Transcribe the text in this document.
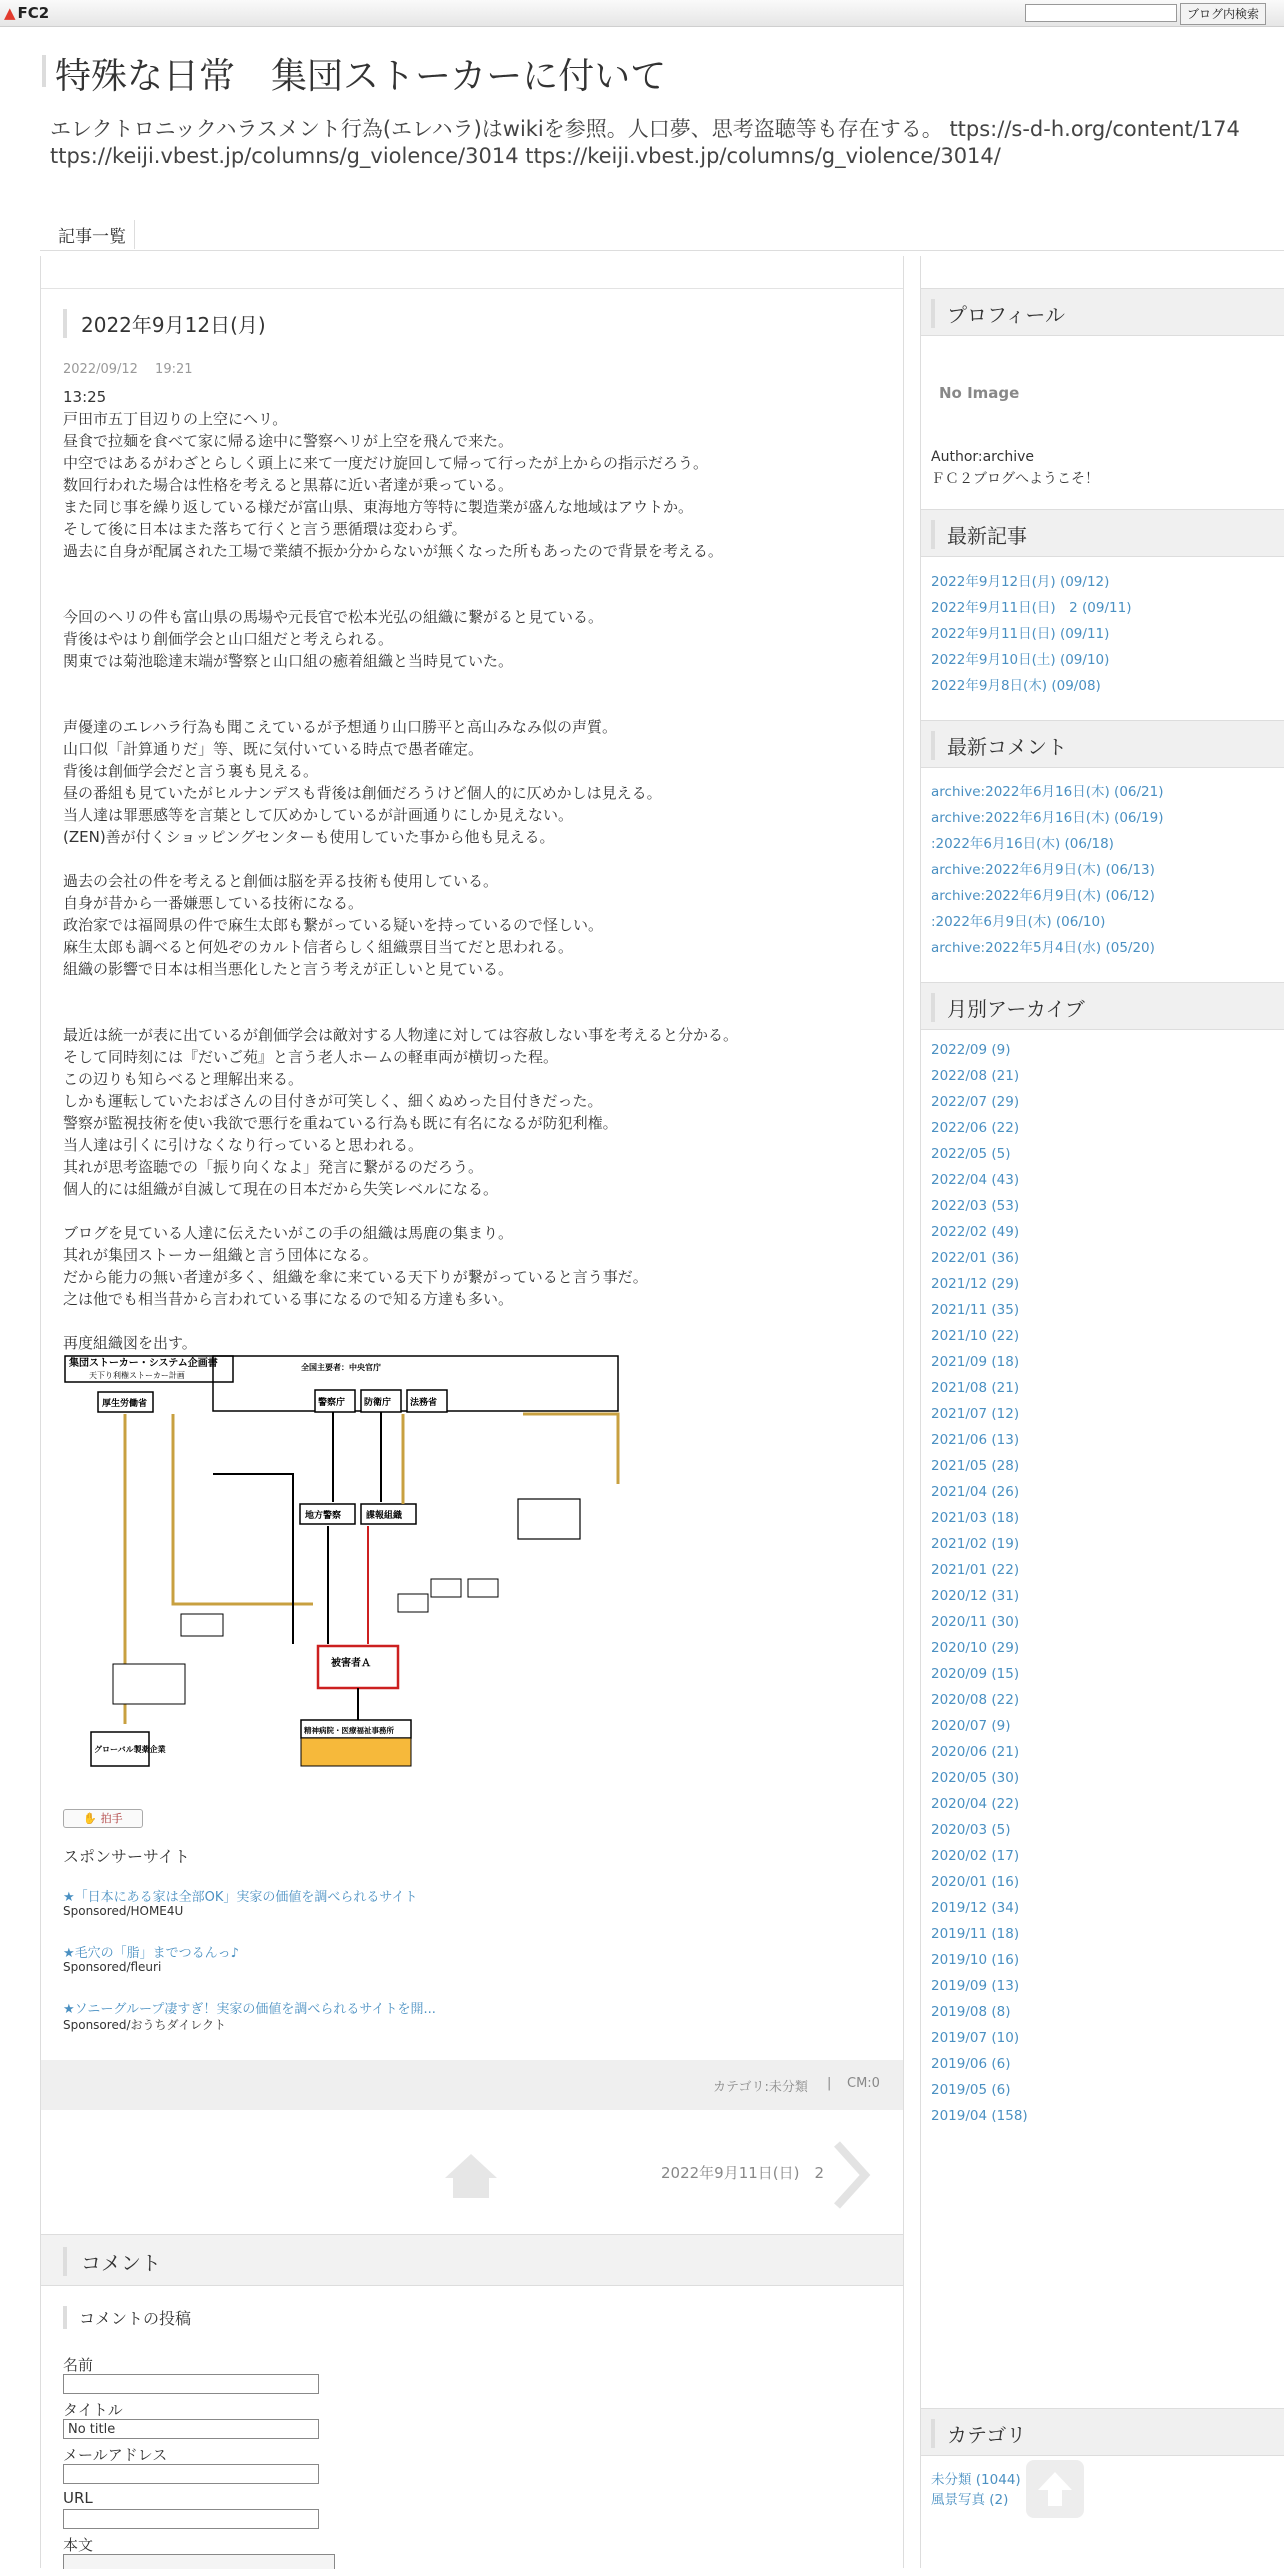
▲ FC2	ブログ内検索
特殊な日常　集団ストーカーに付いて
エレクトロニックハラスメント行為(エレハラ)はwikiを参照。人口夢、思考盗聴等も存在する。 ttps://s-d-h.org/content/174 ttps://keiji.vbest.jp/columns/g_violence/3014 ttps://keiji.vbest.jp/columns/g_violence/3014/
記事一覧
2022年9月12日(月)
2022/09/12　 19:21
13:25
戸田市五丁目辺りの上空にヘリ。
昼食で拉麺を食べて家に帰る途中に警察ヘリが上空を飛んで来た。
中空ではあるがわざとらしく頭上に来て一度だけ旋回して帰って行ったが上からの指示だろう。
数回行われた場合は性格を考えると黒幕に近い者達が乗っている。
また同じ事を繰り返している様だが富山県、東海地方等特に製造業が盛んな地域はアウトか。
そして後に日本はまた落ちて行くと言う悪循環は変わらず。
過去に自身が配属された工場で業績不振か分からないが無くなった所もあったので背景を考える。

今回のヘリの件も富山県の馬場や元長官で松本光弘の組織に繋がると見ている。
背後はやはり創価学会と山口組だと考えられる。
関東では菊池聡達末端が警察と山口組の癒着組織と当時見ていた。

声優達のエレハラ行為も聞こえているが予想通り山口勝平と高山みなみ似の声質。
山口似「計算通りだ」等、既に気付いている時点で愚者確定。
背後は創価学会だと言う裏も見える。
昼の番組も見ていたがヒルナンデスも背後は創価だろうけど個人的に仄めかしは見える。
当人達は罪悪感等を言葉として仄めかしているが計画通りにしか見えない。
(ZEN)善が付くショッピングセンターも使用していた事から他も見える。

過去の会社の件を考えると創価は脳を弄る技術も使用している。
自身が昔から一番嫌悪している技術になる。
政治家では福岡県の件で麻生太郎も繋がっている疑いを持っているので怪しい。
麻生太郎も調べると何処ぞのカルト信者らしく組織票目当てだと思われる。
組織の影響で日本は相当悪化したと言う考えが正しいと見ている。

最近は統一が表に出ているが創価学会は敵対する人物達に対しては容赦しない事を考えると分かる。
そして同時刻には『だいご苑』と言う老人ホームの軽車両が横切った程。
この辺りも知らべると理解出来る。
しかも運転していたおばさんの目付きが可笑しく、細くぬめった目付きだった。
警察が監視技術を使い我欲で悪行を重ねている行為も既に有名になるが防犯利権。
当人達は引くに引けなくなり行っていると思われる。
其れが思考盗聴での「振り向くなよ」発言に繋がるのだろう。
個人的には組織が自滅して現在の日本だから失笑レベルになる。

ブログを見ている人達に伝えたいがこの手の組織は馬鹿の集まり。
其れが集団ストーカー組織と言う団体になる。
だから能力の無い者達が多く、組織を傘に来ている天下りが繋がっていると言う事だ。
之は他でも相当昔から言われている事になるので知る方達も多い。

再度組織図を出す。
集団ストーカー・システム企画書
天下り利権ストーカー計画
全国主要者：中央官庁
厚生労働省	警察庁 防衛庁 法務省
地方警察	諜報組織
被害者Ａ
精神病院・医療福祉事務所
グローバル製薬企業
✋ 拍手
スポンサーサイト
★「日本にある家は全部OK」実家の価値を調べられるサイト
Sponsored/HOME4U
★毛穴の「脂」までつるんっ♪
Sponsored/fleuri
★ソニーグループ凄すぎ！実家の価値を調べられるサイトを開...
Sponsored/おうちダイレクト
カテゴリ:未分類 | CM:0
2022年9月11日(日)　2
コメント
コメントの投稿
名前
タイトル
No title
メールアドレス
URL
本文
プロフィール
No Image
Author:archive
ＦＣ２ブログへようこそ！
最新記事
2022年9月12日(月) (09/12)
2022年9月11日(日)　2 (09/11)
2022年9月11日(日) (09/11)
2022年9月10日(土) (09/10)
2022年9月8日(木) (09/08)
最新コメント
archive:2022年6月16日(木) (06/21)
archive:2022年6月16日(木) (06/19)
:2022年6月16日(木) (06/18)
archive:2022年6月9日(木) (06/13)
archive:2022年6月9日(木) (06/12)
:2022年6月9日(木) (06/10)
archive:2022年5月4日(水) (05/20)
月別アーカイブ
2022/09 (9)
2022/08 (21)
2022/07 (29)
2022/06 (22)
2022/05 (5)
2022/04 (43)
2022/03 (53)
2022/02 (49)
2022/01 (36)
2021/12 (29)
2021/11 (35)
2021/10 (22)
2021/09 (18)
2021/08 (21)
2021/07 (12)
2021/06 (13)
2021/05 (28)
2021/04 (26)
2021/03 (18)
2021/02 (19)
2021/01 (22)
2020/12 (31)
2020/11 (30)
2020/10 (29)
2020/09 (15)
2020/08 (22)
2020/07 (9)
2020/06 (21)
2020/05 (30)
2020/04 (22)
2020/03 (5)
2020/02 (17)
2020/01 (16)
2019/12 (34)
2019/11 (18)
2019/10 (16)
2019/09 (13)
2019/08 (8)
2019/07 (10)
2019/06 (6)
2019/05 (6)
2019/04 (158)
カテゴリ
未分類 (1044)
風景写真 (2)
